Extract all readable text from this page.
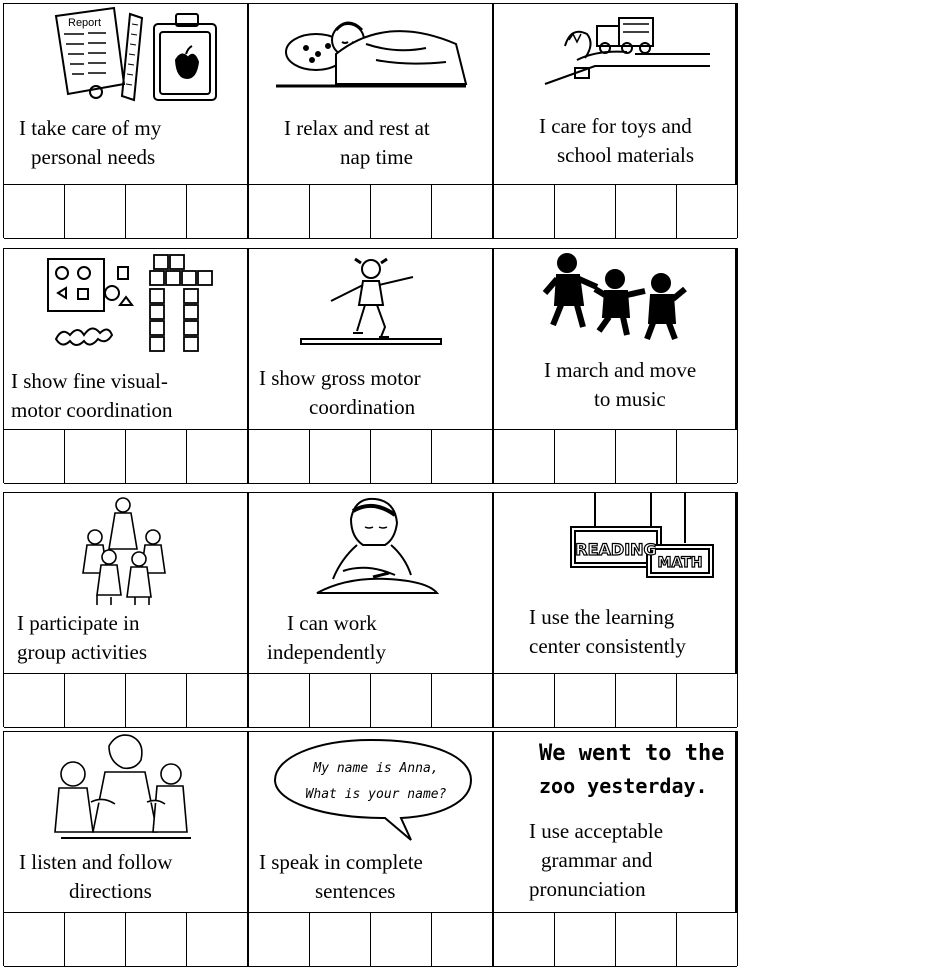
Report
I take care of my
personal needs
I relax and rest at
nap time
I care for toys and
school materials
I show fine visual-
motor coordination
I show gross motor
coordination
I march and move
to music
I participate in
group activities
I can work
independently
READING
MATH
I use the learning
center consistently
I listen and follow
directions
My name is Anna,
What is your name?
I speak in complete
sentences
We went to the
zoo yesterday.
I use acceptable
grammar and
pronunciation
